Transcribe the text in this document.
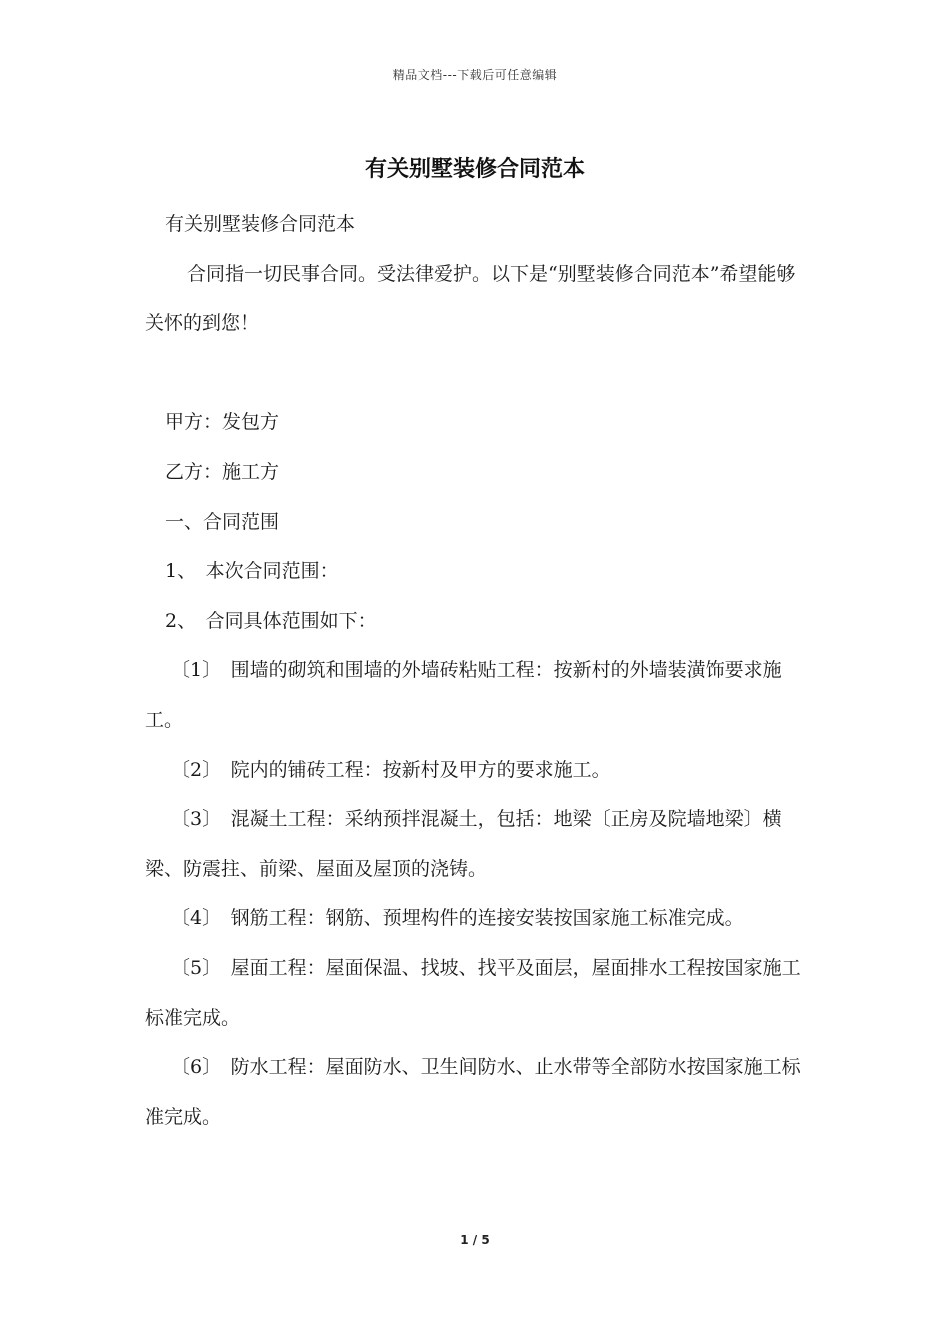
精品文档---下载后可任意编辑
有关别墅装修合同范本

有关别墅装修合同范本

合同指一切民事合同。受法律爱护。以下是“别墅装修合同范本”希望能够关怀的到您！

甲方：发包方

乙方：施工方

一、合同范围

1、　本次合同范围：

2、　合同具体范围如下：

〔1〕　围墙的砌筑和围墙的外墙砖粘贴工程：按新村的外墙装潢饰要求施工。

〔2〕　院内的铺砖工程：按新村及甲方的要求施工。

〔3〕　混凝土工程：采纳预拌混凝土，包括：地梁〔正房及院墙地梁〕横梁、防震拄、前梁、屋面及屋顶的浇铸。

〔4〕　钢筋工程：钢筋、预埋构件的连接安装按国家施工标准完成。

〔5〕　屋面工程：屋面保温、找坡、找平及面层，屋面排水工程按国家施工标准完成。

〔6〕　防水工程：屋面防水、卫生间防水、止水带等全部防水按国家施工标准完成。

1 / 5
